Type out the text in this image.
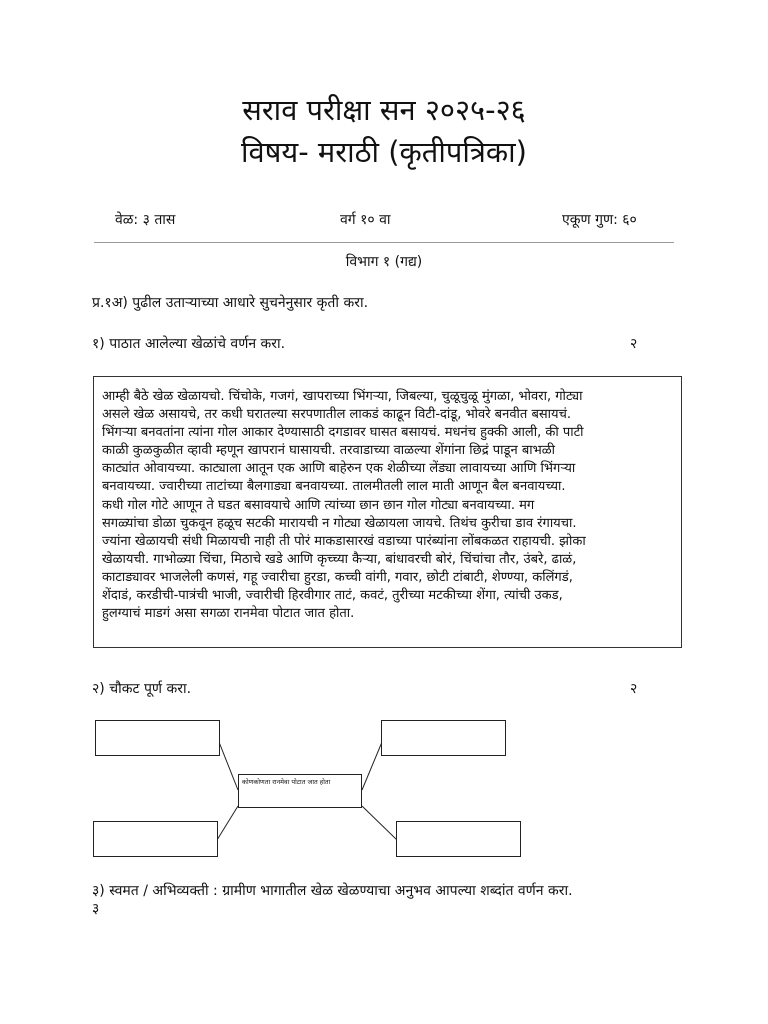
सराव परीक्षा सन २०२५-२६
विषय- मराठी (कृतीपत्रिका)
वेळ: ३ तास	वर्ग १० वा	एकूण गुण: ६०
विभाग १ (गद्य)
प्र.१अ) पुढील उताऱ्याच्या आधारे सुचनेनुसार कृती करा.
१) पाठात आलेल्या खेळांचे वर्णन करा.	२

आम्ही बैठे खेळ खेळायचो. चिंचोके, गजगं, खापराच्या भिंगऱ्या, जिबल्या, चुळूचुळू मुंगळा, भोवरा, गोट्या

असले खेळ असायचे, तर कधी घरातल्या सरपणातील लाकडं काढून विटी-दांडू, भोवरे बनवीत बसायचं.

भिंगऱ्या बनवतांना त्यांना गोल आकार देण्यासाठी दगडावर घासत बसायचं. मधनंच हुक्की आली, की पाटी

काळी कुळकुळीत व्हावी म्हणून खापरानं घासायची. तरवाडाच्या वाळल्या शेंगांना छिद्रं पाडून बाभळी

काट्यांत ओवायच्या. काट्याला आतून एक आणि बाहेरुन एक शेळीच्या लेंड्या लावायच्या आणि भिंगऱ्या

बनवायच्या. ज्वारीच्या ताटांच्या बैलगाड्या बनवायच्या. तालमीतली लाल माती आणून बैल बनवायच्या.

कधी गोल गोटे आणून ते घडत बसावयाचे आणि त्यांच्या छान छान गोल गोट्या बनवायच्या. मग

सगळ्यांचा डोळा चुकवून हळूच सटकी मारायची न गोट्या खेळायला जायचे. तिथंच कुरीचा डाव रंगायचा.

ज्यांना खेळायची संधी मिळायची नाही ती पोरं माकडासारखं वडाच्या पारंब्यांना लोंबकळत राहायची. झोका

खेळायची. गाभोळ्या चिंचा, मिठाचे खडे आणि कृच्च्या कैऱ्या, बांधावरची बोरं, चिंचांचा तौर, उंबरे, ढाळं,

काटाड्यावर भाजलेली कणसं, गहू ज्वारीचा हुरडा, कच्ची वांगी, गवार, छोटी टांबाटी, शेण्ण्या, कलिंगडं,

शेंदाडं, करडीची-पात्रंची भाजी, ज्वारीची हिरवीगार ताटं, कवटं, तुरीच्या मटकीच्या शेंगा, त्यांची उकड,

हुलग्याचं माडगं असा सगळा रानमेवा पोटात जात होता.

२) चौकट पूर्ण करा.	२
कोणकोणता रानमेवा पोटात जात होता
३) स्वमत / अभिव्यक्ती : ग्रामीण भागातील खेळ खेळण्याचा अनुभव आपल्या शब्दांत वर्णन करा.
३
